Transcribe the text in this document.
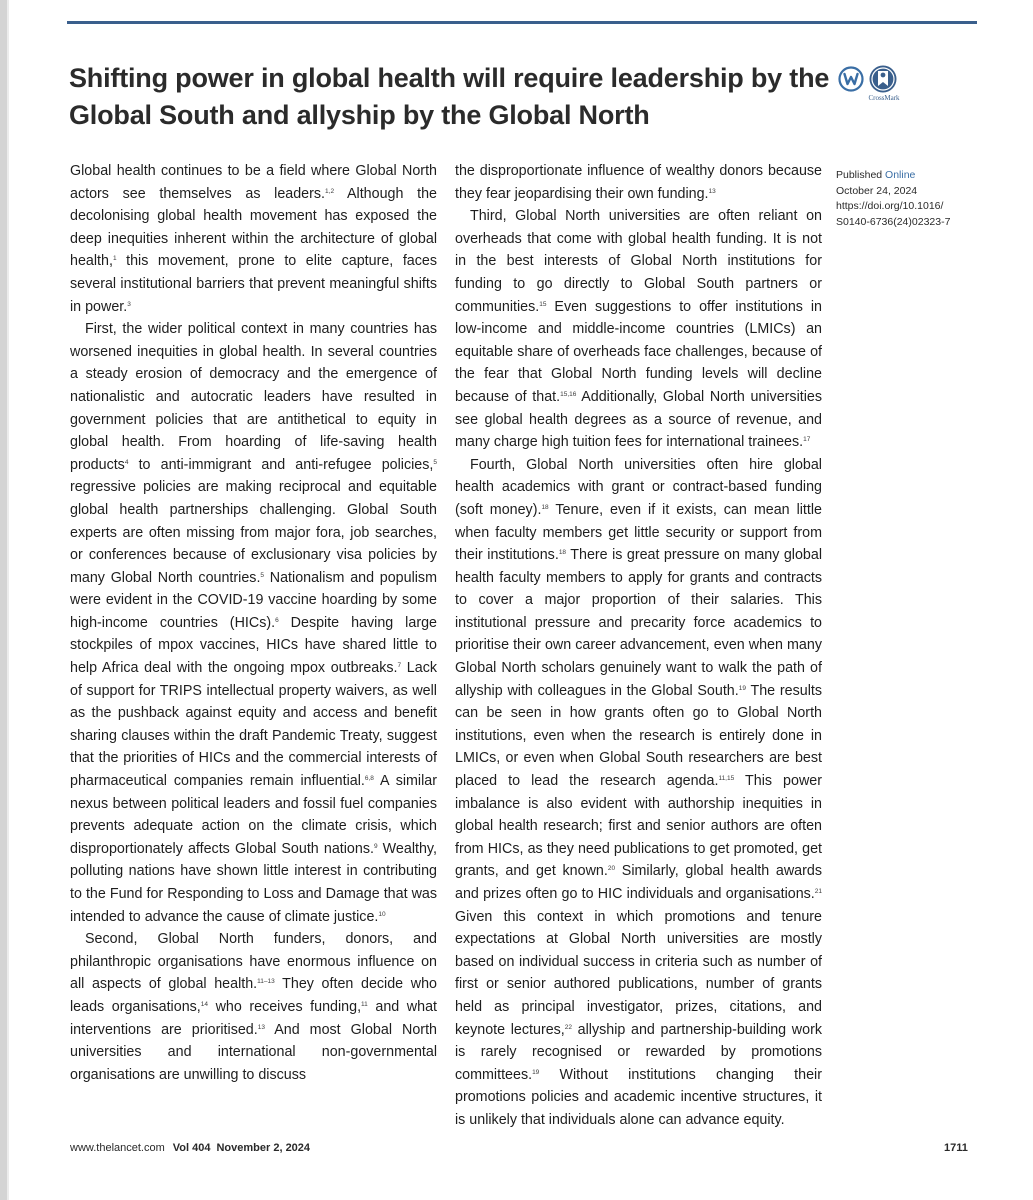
Shifting power in global health will require leadership by the
Global South and allyship by the Global North
CrossMark

Global health continues to be a field where Global North actors see themselves as leaders.$^{1,2}$ Although the decolonising global health movement has exposed the deep inequities inherent within the architecture of global health,$^1$ this movement, prone to elite capture, faces several institutional barriers that prevent meaningful shifts in power.$^3$

First, the wider political context in many countries has worsened inequities in global health. In several countries a steady erosion of democracy and the emergence of nationalistic and autocratic leaders have resulted in government policies that are antithetical to equity in global health. From hoarding of life-saving health products$^4$ to anti-immigrant and anti-refugee policies,$^5$ regressive policies are making reciprocal and equitable global health partnerships challenging. Global South experts are often missing from major fora, job searches, or conferences because of exclusionary visa policies by many Global North countries.$^5$ Nationalism and populism were evident in the COVID-19 vaccine hoarding by some high-income countries (HICs).$^6$ Despite having large stockpiles of mpox vaccines, HICs have shared little to help Africa deal with the ongoing mpox outbreaks.$^7$ Lack of support for TRIPS intellectual property waivers, as well as the pushback against equity and access and benefit sharing clauses within the draft Pandemic Treaty, suggest that the priorities of HICs and the commercial interests of pharmaceutical companies remain influential.$^{6,8}$ A similar nexus between political leaders and fossil fuel companies prevents adequate action on the climate crisis, which disproportionately affects Global South nations.$^9$ Wealthy, polluting nations have shown little interest in contributing to the Fund for Responding to Loss and Damage that was intended to advance the cause of climate justice.$^{10}$

Second, Global North funders, donors, and philanthropic organisations have enormous influence on all aspects of global health.$^{11-13}$ They often decide who leads organisations,$^{14}$ who receives funding,$^{11}$ and what interventions are prioritised.$^{13}$ And most Global North universities and international non-governmental organisations are unwilling to discuss

the disproportionate influence of wealthy donors because they fear jeopardising their own funding.$^{13}$

Third, Global North universities are often reliant on overheads that come with global health funding. It is not in the best interests of Global North institutions for funding to go directly to Global South partners or communities.$^{15}$ Even suggestions to offer institutions in low-income and middle-income countries (LMICs) an equitable share of overheads face challenges, because of the fear that Global North funding levels will decline because of that.$^{15,16}$ Additionally, Global North universities see global health degrees as a source of revenue, and many charge high tuition fees for international trainees.$^{17}$

Fourth, Global North universities often hire global health academics with grant or contract-based funding (soft money).$^{18}$ Tenure, even if it exists, can mean little when faculty members get little security or support from their institutions.$^{18}$ There is great pressure on many global health faculty members to apply for grants and contracts to cover a major proportion of their salaries. This institutional pressure and precarity force academics to prioritise their own career advancement, even when many Global North scholars genuinely want to walk the path of allyship with colleagues in the Global South.$^{19}$ The results can be seen in how grants often go to Global North institutions, even when the research is entirely done in LMICs, or even when Global South researchers are best placed to lead the research agenda.$^{11,15}$ This power imbalance is also evident with authorship inequities in global health research; first and senior authors are often from HICs, as they need publications to get promoted, get grants, and get known.$^{20}$ Similarly, global health awards and prizes often go to HIC individuals and organisations.$^{21}$ Given this context in which promotions and tenure expectations at Global North universities are mostly based on individual success in criteria such as number of first or senior authored publications, number of grants held as principal investigator, prizes, citations, and keynote lectures,$^{22}$ allyship and partnership-building work is rarely recognised or rewarded by promotions committees.$^{19}$ Without institutions changing their promotions policies and academic incentive structures, it is unlikely that individuals alone can advance equity.

Published Online
October 24, 2024
https://doi.org/10.1016/
S0140-6736(24)02323-7
www.thelancet.com Vol 404 November 2, 2024	1711
